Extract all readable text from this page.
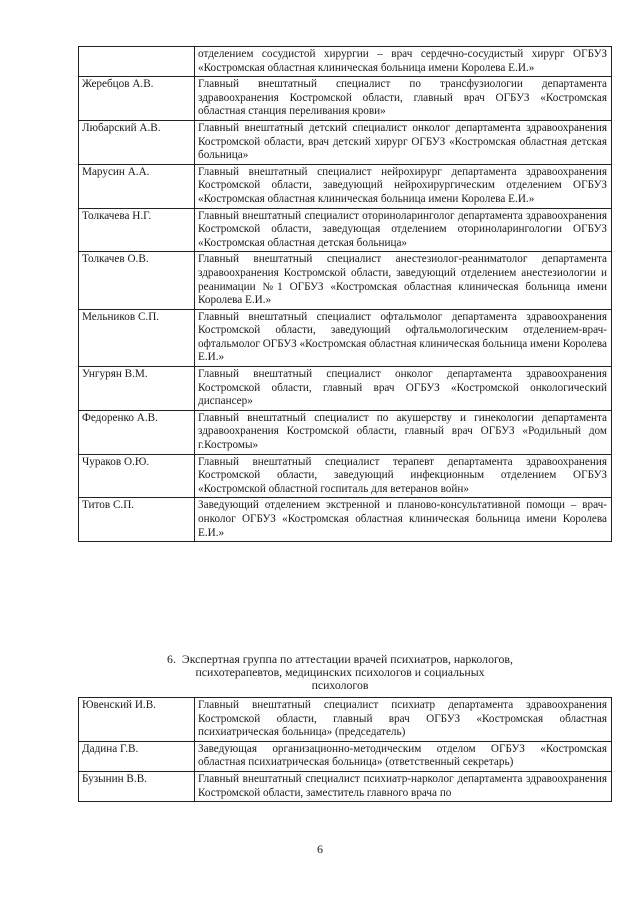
	отделением сосудистой хирургии – врач сердечно-сосудистый хирург ОГБУЗ «Костромская областная клиническая больница имени Королева Е.И.»
Жеребцов А.В.	Главный внештатный специалист по трансфузиологии департамента здравоохранения Костромской области, главный врач ОГБУЗ «Костромская областная станция переливания крови»
Любарский А.В.	Главный внештатный детский специалист онколог департамента здравоохранения Костромской области, врач детский хирург ОГБУЗ «Костромская областная детская больница»
Марусин А.А.	Главный внештатный специалист нейрохирург департамента здравоохранения Костромской области, заведующий нейрохирургическим отделением ОГБУЗ «Костромская областная клиническая больница имени Королева Е.И.»
Толкачева Н.Г.	Главный внештатный специалист оториноларинголог департамента здравоохранения Костромской области, заведующая отделением оториноларингологии ОГБУЗ «Костромская областная детская больница»
Толкачев О.В.	Главный внештатный специалист анестезиолог-реаниматолог департамента здравоохранения Костромской области, заведующий отделением анестезиологии и реанимации №1 ОГБУЗ «Костромская областная клиническая больница имени Королева Е.И.»
Мельников С.П.	Главный внештатный специалист офтальмолог департамента здравоохранения Костромской области, заведующий офтальмологическим отделением-врач-офтальмолог ОГБУЗ «Костромская областная клиническая больница имени Королева Е.И.»
Унгурян В.М.	Главный внештатный специалист онколог департамента здравоохранения Костромской области, главный врач ОГБУЗ «Костромской онкологический диспансер»
Федоренко А.В.	Главный внештатный специалист по акушерству и гинекологии департамента здравоохранения Костромской области, главный врач ОГБУЗ «Родильный дом г.Костромы»
Чураков О.Ю.	Главный внештатный специалист терапевт департамента здравоохранения Костромской области, заведующий инфекционным отделением ОГБУЗ «Костромской областной госпиталь для ветеранов войн»
Титов С.П.	Заведующий отделением экстренной и планово-консультативной помощи – врач-онколог ОГБУЗ «Костромская областная клиническая больница имени Королева Е.И.»
6. Экспертная группа по аттестации врачей психиатров, наркологов,
психотерапевтов, медицинских психологов и социальных
психологов
Ювенский И.В.	Главный внештатный специалист психиатр департамента здравоохранения Костромской области, главный врач ОГБУЗ «Костромская областная психиатрическая больница» (председатель)
Дадина Г.В.	Заведующая организационно-методическим отделом ОГБУЗ «Костромская областная психиатрическая больница» (ответственный секретарь)
Бузынин В.В.	Главный внештатный специалист психиатр-нарколог департамента здравоохранения Костромской области, заместитель главного врача по
6
